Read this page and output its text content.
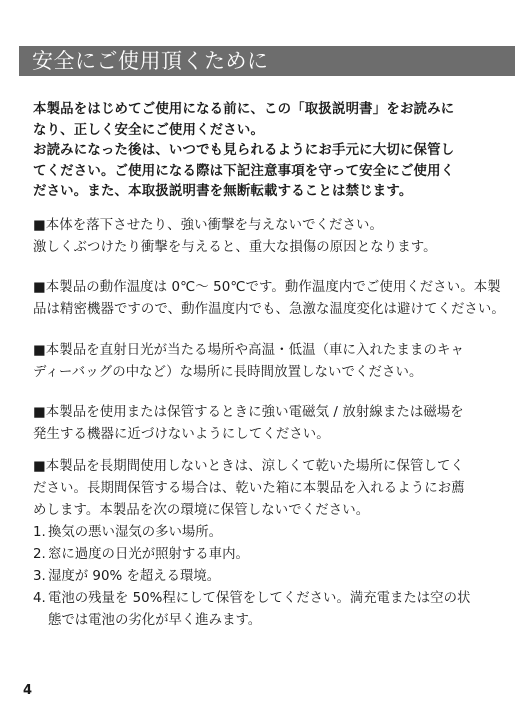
安全にご使用頂くために
本製品をはじめてご使用になる前に、この「取扱説明書」をお読みに
なり、正しく安全にご使用ください。
お読みになった後は、いつでも見られるようにお手元に大切に保管し
てください。ご使用になる際は下記注意事項を守って安全にご使用く
ださい。また、本取扱説明書を無断転載することは禁じます。
■本体を落下させたり、強い衝撃を与えないでください。
激しくぶつけたり衝撃を与えると、重大な損傷の原因となります。
■本製品の動作温度は 0℃～ 50℃です。動作温度内でご使用ください。本製
品は精密機器ですので、動作温度内でも、急激な温度変化は避けてください。
■本製品を直射日光が当たる場所や高温・低温（車に入れたままのキャ
ディーバッグの中など）な場所に長時間放置しないでください。
■本製品を使用または保管するときに強い電磁気 / 放射線または磁場を
発生する機器に近づけないようにしてください。
■本製品を長期間使用しないときは、涼しくて乾いた場所に保管してく
ださい。長期間保管する場合は、乾いた箱に本製品を入れるようにお薦
めします。本製品を次の環境に保管しないでください。
1. 換気の悪い湿気の多い場所。
2. 窓に過度の日光が照射する車内。
3. 湿度が 90% を超える環境。
4. 電池の残量を 50%程にして保管をしてください。満充電または空の状
態では電池の劣化が早く進みます。
4
